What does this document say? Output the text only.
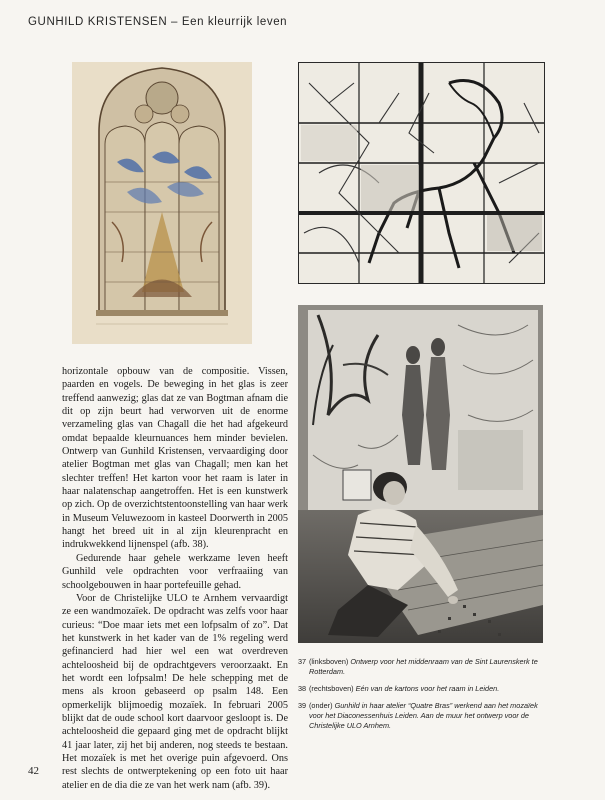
GUNHILD KRISTENSEN – Een kleurrijk leven

horizontale opbouw van de compositie. Vissen, paarden en vogels. De beweging in het glas is zeer treffend aanwezig; glas dat ze van Bogtman afnam die dit op zijn beurt had verworven uit de enorme verzameling glas van Chagall die het had afgekeurd omdat bepaalde kleurnuances hem minder bevielen. Ontwerp van Gunhild Kristensen, vervaardiging door atelier Bogtman met glas van Chagall; men kan het slechter treffen! Het karton voor het raam is later in haar nalatenschap aangetroffen. Het is een kunstwerk op zich. Op de overzichtstentoonstelling van haar werk in Museum Veluwezoom in kasteel Doorwerth in 2005 hangt het breed uit in al zijn kleurenpracht en indrukwekkend lijnenspel (afb. 38).

Gedurende haar gehele werkzame leven heeft Gunhild vele opdrachten voor verfraaiing van schoolgebouwen in haar portefeuille gehad.

Voor de Christelijke ULO te Arnhem vervaardigt ze een wandmozaïek. De opdracht was zelfs voor haar curieus: “Doe maar iets met een lofpsalm of zo”. Dat het kunstwerk in het kader van de 1% regeling werd gefinancierd had hier wel een wat overdreven achteloosheid bij de opdrachtgevers veroorzaakt. En het wordt een lofpsalm! De hele schepping met de mens als kroon gebaseerd op psalm 148. Een opmerkelijk blijmoedig mozaïek. In februari 2005 blijkt dat de oude school kort daarvoor gesloopt is. De achteloosheid die gepaard ging met de opdracht blijkt 41 jaar later, zij het bij anderen, nog steeds te bestaan. Het mozaïek is met het overige puin afgevoerd. Ons rest slechts de ontwerptekening op een foto uit haar atelier en de dia die ze van het werk nam (afb. 39).

37 (linksboven) Ontwerp voor het middenraam van de Sint Laurenskerk te Rotterdam.
38 (rechtsboven) Eén van de kartons voor het raam in Leiden.
39 (onder) Gunhild in haar atelier “Quatre Bras” werkend aan het mozaïek voor het Diaconessenhuis Leiden. Aan de muur het ontwerp voor de Christelijke ULO Arnhem.
42
